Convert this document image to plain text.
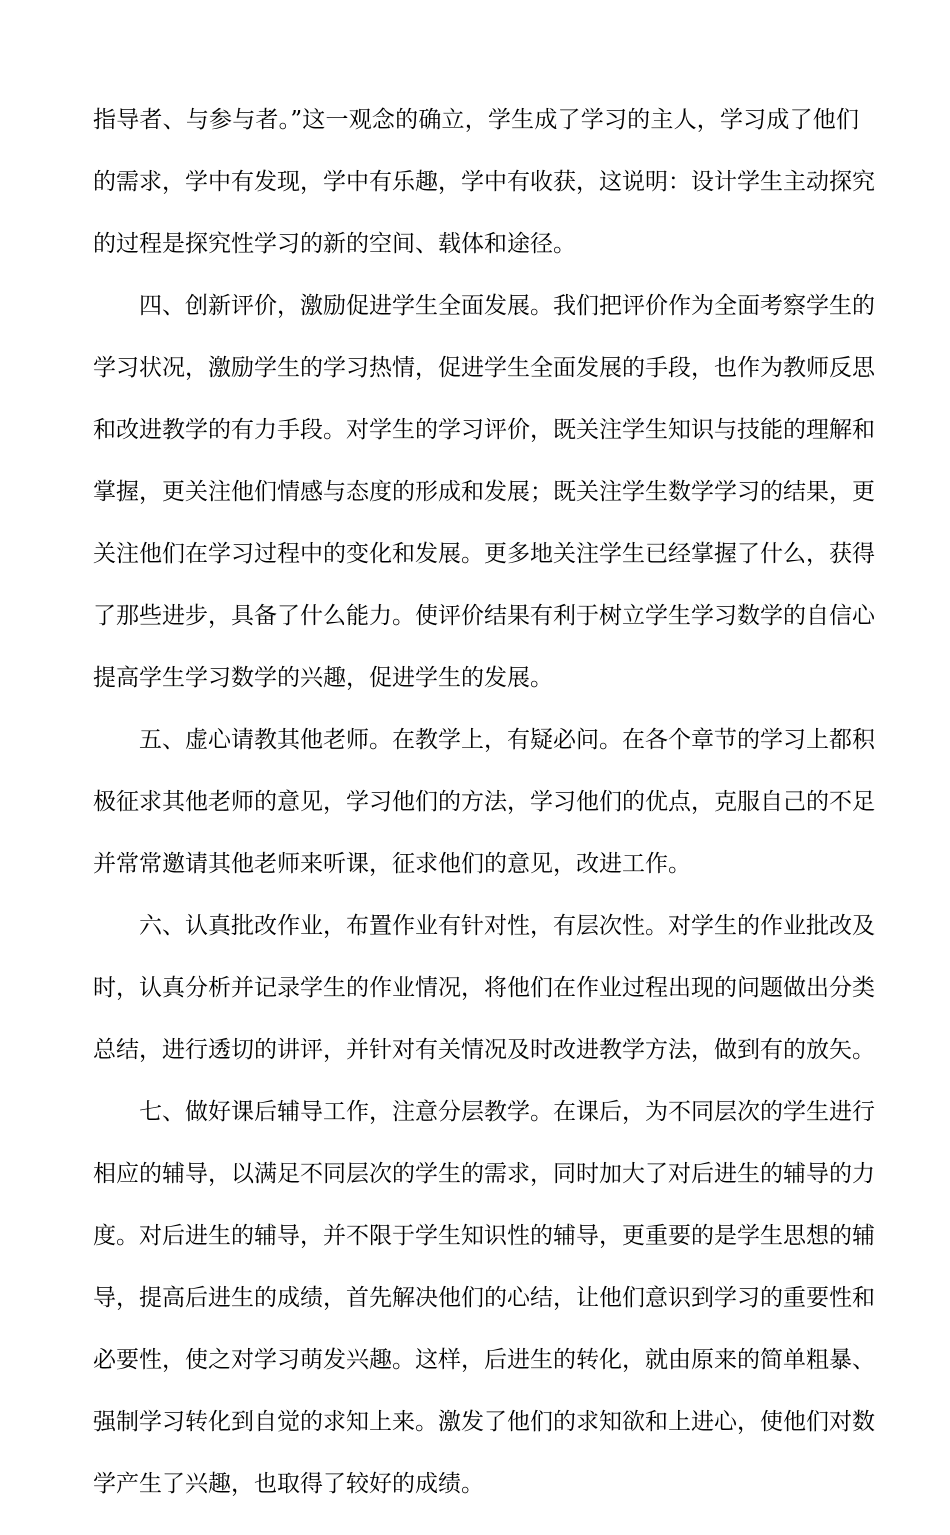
指导者、与参与者。”这一观念的确立，学生成了学习的主人，学习成了他们
的需求，学中有发现，学中有乐趣，学中有收获，这说明：设计学生主动探究
的过程是探究性学习的新的空间、载体和途径。
四、创新评价，激励促进学生全面发展。我们把评价作为全面考察学生的
学习状况，激励学生的学习热情，促进学生全面发展的手段，也作为教师反思
和改进教学的有力手段。对学生的学习评价，既关注学生知识与技能的理解和
掌握，更关注他们情感与态度的形成和发展；既关注学生数学学习的结果，更
关注他们在学习过程中的变化和发展。更多地关注学生已经掌握了什么，获得
了那些进步，具备了什么能力。使评价结果有利于树立学生学习数学的自信心
提高学生学习数学的兴趣，促进学生的发展。
五、虚心请教其他老师。在教学上，有疑必问。在各个章节的学习上都积
极征求其他老师的意见，学习他们的方法，学习他们的优点，克服自己的不足
并常常邀请其他老师来听课，征求他们的意见，改进工作。
六、认真批改作业，布置作业有针对性，有层次性。对学生的作业批改及
时，认真分析并记录学生的作业情况，将他们在作业过程出现的问题做出分类
总结，进行透切的讲评，并针对有关情况及时改进教学方法，做到有的放矢。
七、做好课后辅导工作，注意分层教学。在课后，为不同层次的学生进行
相应的辅导，以满足不同层次的学生的需求，同时加大了对后进生的辅导的力
度。对后进生的辅导，并不限于学生知识性的辅导，更重要的是学生思想的辅
导，提高后进生的成绩，首先解决他们的心结，让他们意识到学习的重要性和
必要性，使之对学习萌发兴趣。这样，后进生的转化，就由原来的简单粗暴、
强制学习转化到自觉的求知上来。激发了他们的求知欲和上进心，使他们对数
学产生了兴趣，也取得了较好的成绩。
